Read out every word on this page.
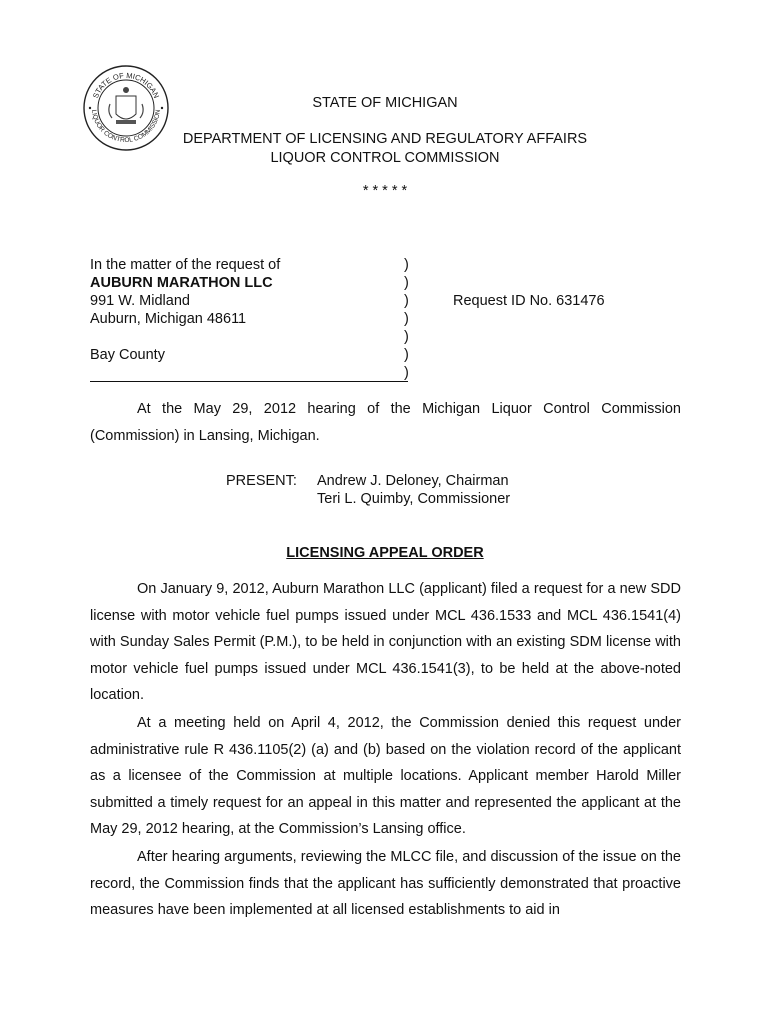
STATE OF MICHIGAN
LIQUOR CONTROL COMMISSION
STATE OF MICHIGAN
DEPARTMENT OF LICENSING AND REGULATORY AFFAIRS
LIQUOR CONTROL COMMISSION
* * * * *
In the matter of the request of
AUBURN MARATHON LLC
991 W. Midland
Auburn, Michigan 48611
Bay County
)
)
)
)
)
)
)
Request ID No. 631476
At the May 29, 2012 hearing of the Michigan Liquor Control Commission (Commission) in Lansing, Michigan.
PRESENT: Andrew J. Deloney, Chairman
Teri L. Quimby, Commissioner
LICENSING APPEAL ORDER
On January 9, 2012, Auburn Marathon LLC (applicant) filed a request for a new SDD license with motor vehicle fuel pumps issued under MCL 436.1533 and MCL 436.1541(4) with Sunday Sales Permit (P.M.), to be held in conjunction with an existing SDM license with motor vehicle fuel pumps issued under MCL 436.1541(3), to be held at the above-noted location.
At a meeting held on April 4, 2012, the Commission denied this request under administrative rule R 436.1105(2) (a) and (b) based on the violation record of the applicant as a licensee of the Commission at multiple locations. Applicant member Harold Miller submitted a timely request for an appeal in this matter and represented the applicant at the May 29, 2012 hearing, at the Commission’s Lansing office.
After hearing arguments, reviewing the MLCC file, and discussion of the issue on the record, the Commission finds that the applicant has sufficiently demonstrated that proactive measures have been implemented at all licensed establishments to aid in
